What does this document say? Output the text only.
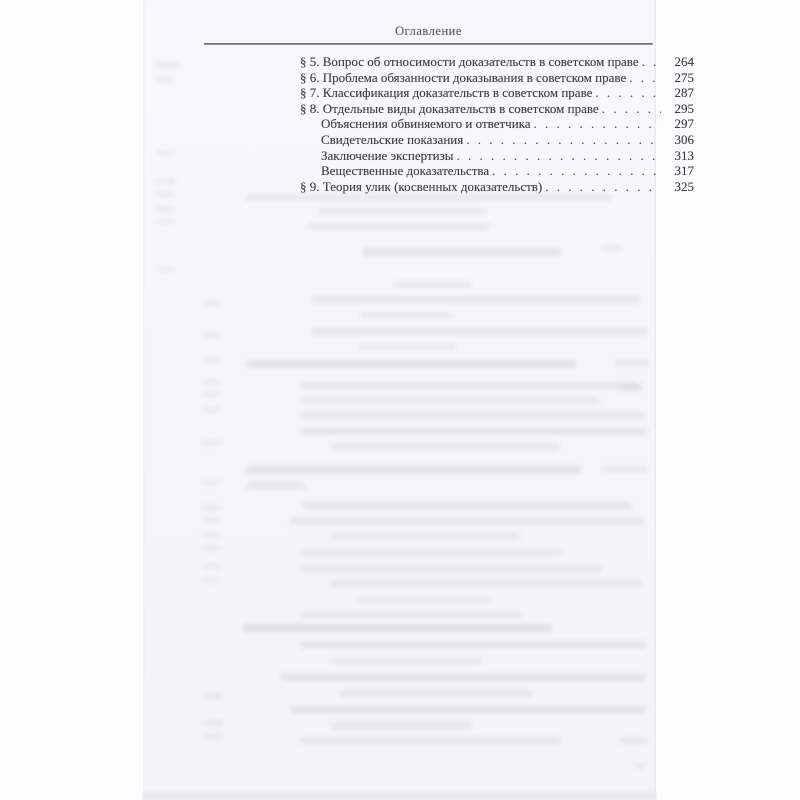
Оглавление
§ 5. Вопрос об относимости доказательств в советском праве . . .	264
§ 6. Проблема обязанности доказывания в советском праве . . .	275
§ 7. Классификация доказательств в советском праве . . .	287
§ 8. Отдельные виды доказательств в советском праве . . .	295
Объяснения обвиняемого и ответчика . . .	297
Свидетельские показания . . .	306
Заключение экспертизы . . .	313
Вещественные доказательства . . .	317
§ 9. Теория улик (косвенных доказательств) . . .	325
